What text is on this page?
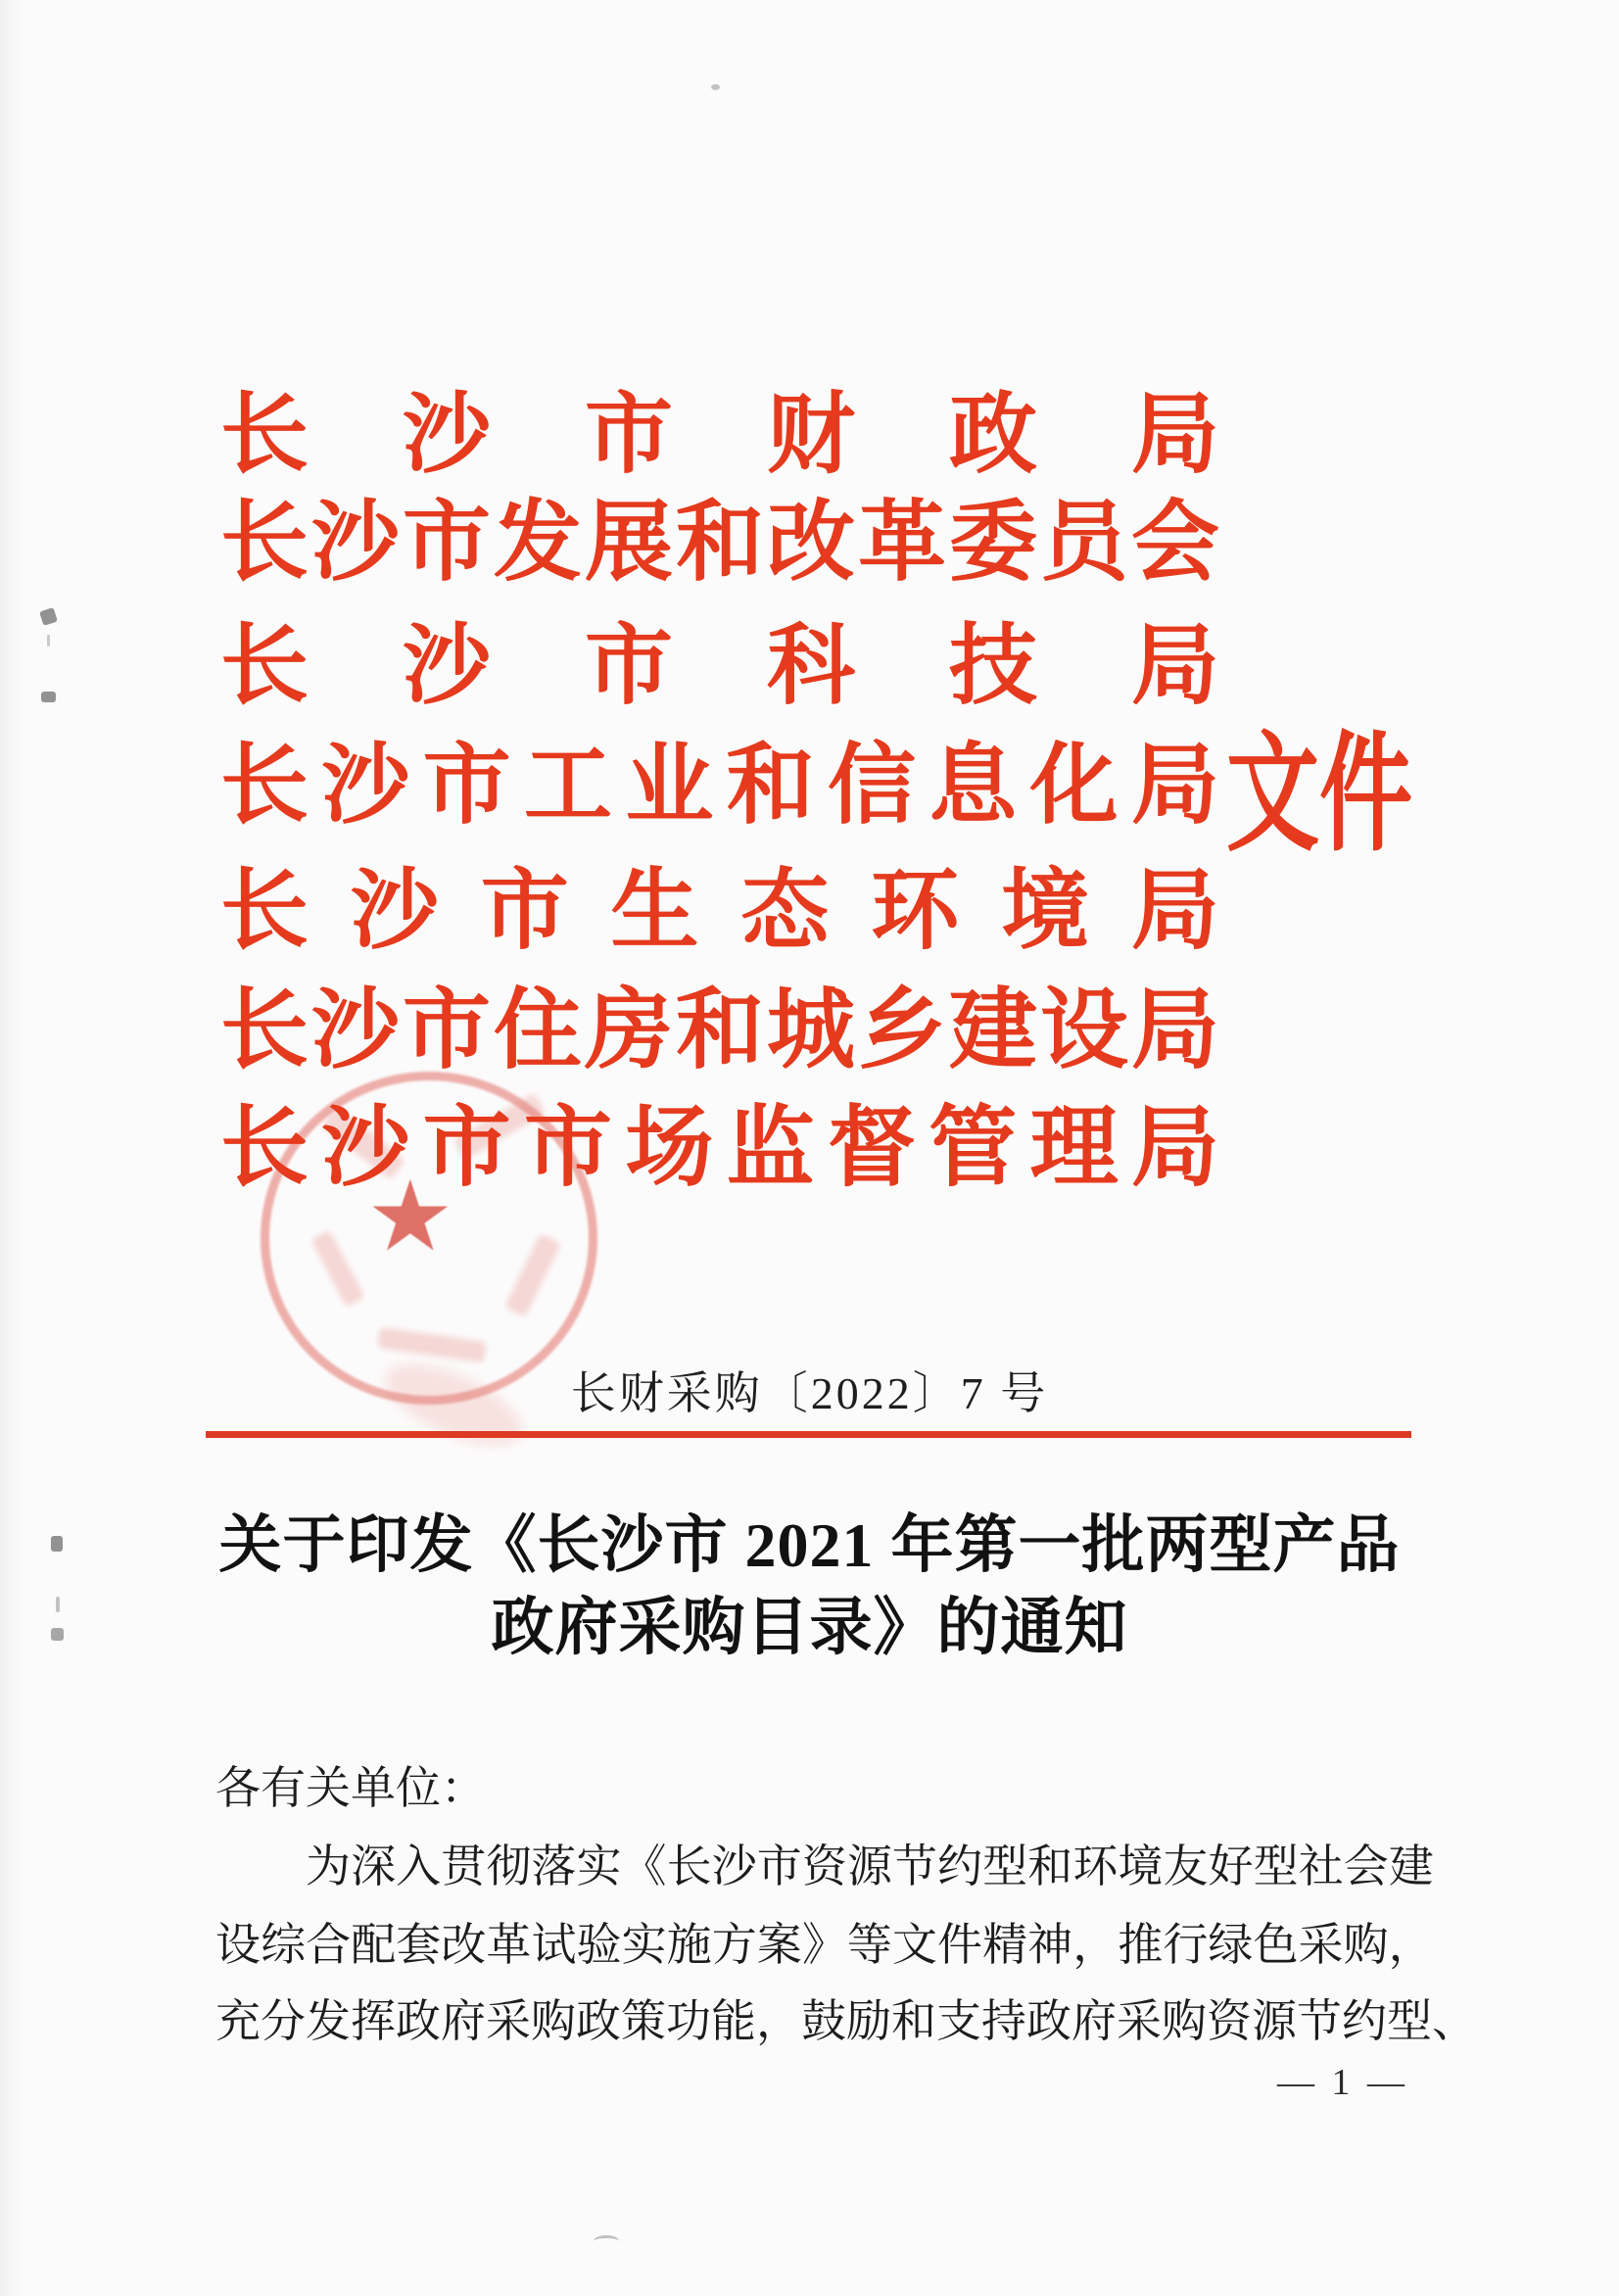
长 沙 市 财 政 局
长 沙 市 发 展 和 改 革 委 员 会
长 沙 市 科 技 局
长 沙 市 工 业 和 信 息 化 局
长 沙 市 生 态 环 境 局
长 沙 市 住 房 和 城 乡 建 设 局
长 沙 市 市 场 监 督 管 理 局
文件
★
长财采购〔2022〕7 号
关于印发《长沙市 2021 年第一批两型产品
政府采购目录》的通知
各有关单位：
为 深 入 贯 彻 落 实 《 长 沙 市 资 源 节 约 型 和 环 境 友 好 型 社 会 建
设 综 合 配 套 改 革 试 验 实 施 方 案 》 等 文 件 精 神 ， 推 行 绿 色 采 购 ，
充 分 发 挥 政 府 采 购 政 策 功 能 ， 鼓 励 和 支 持 政 府 采 购 资 源 节 约 型 、
— 1 —
